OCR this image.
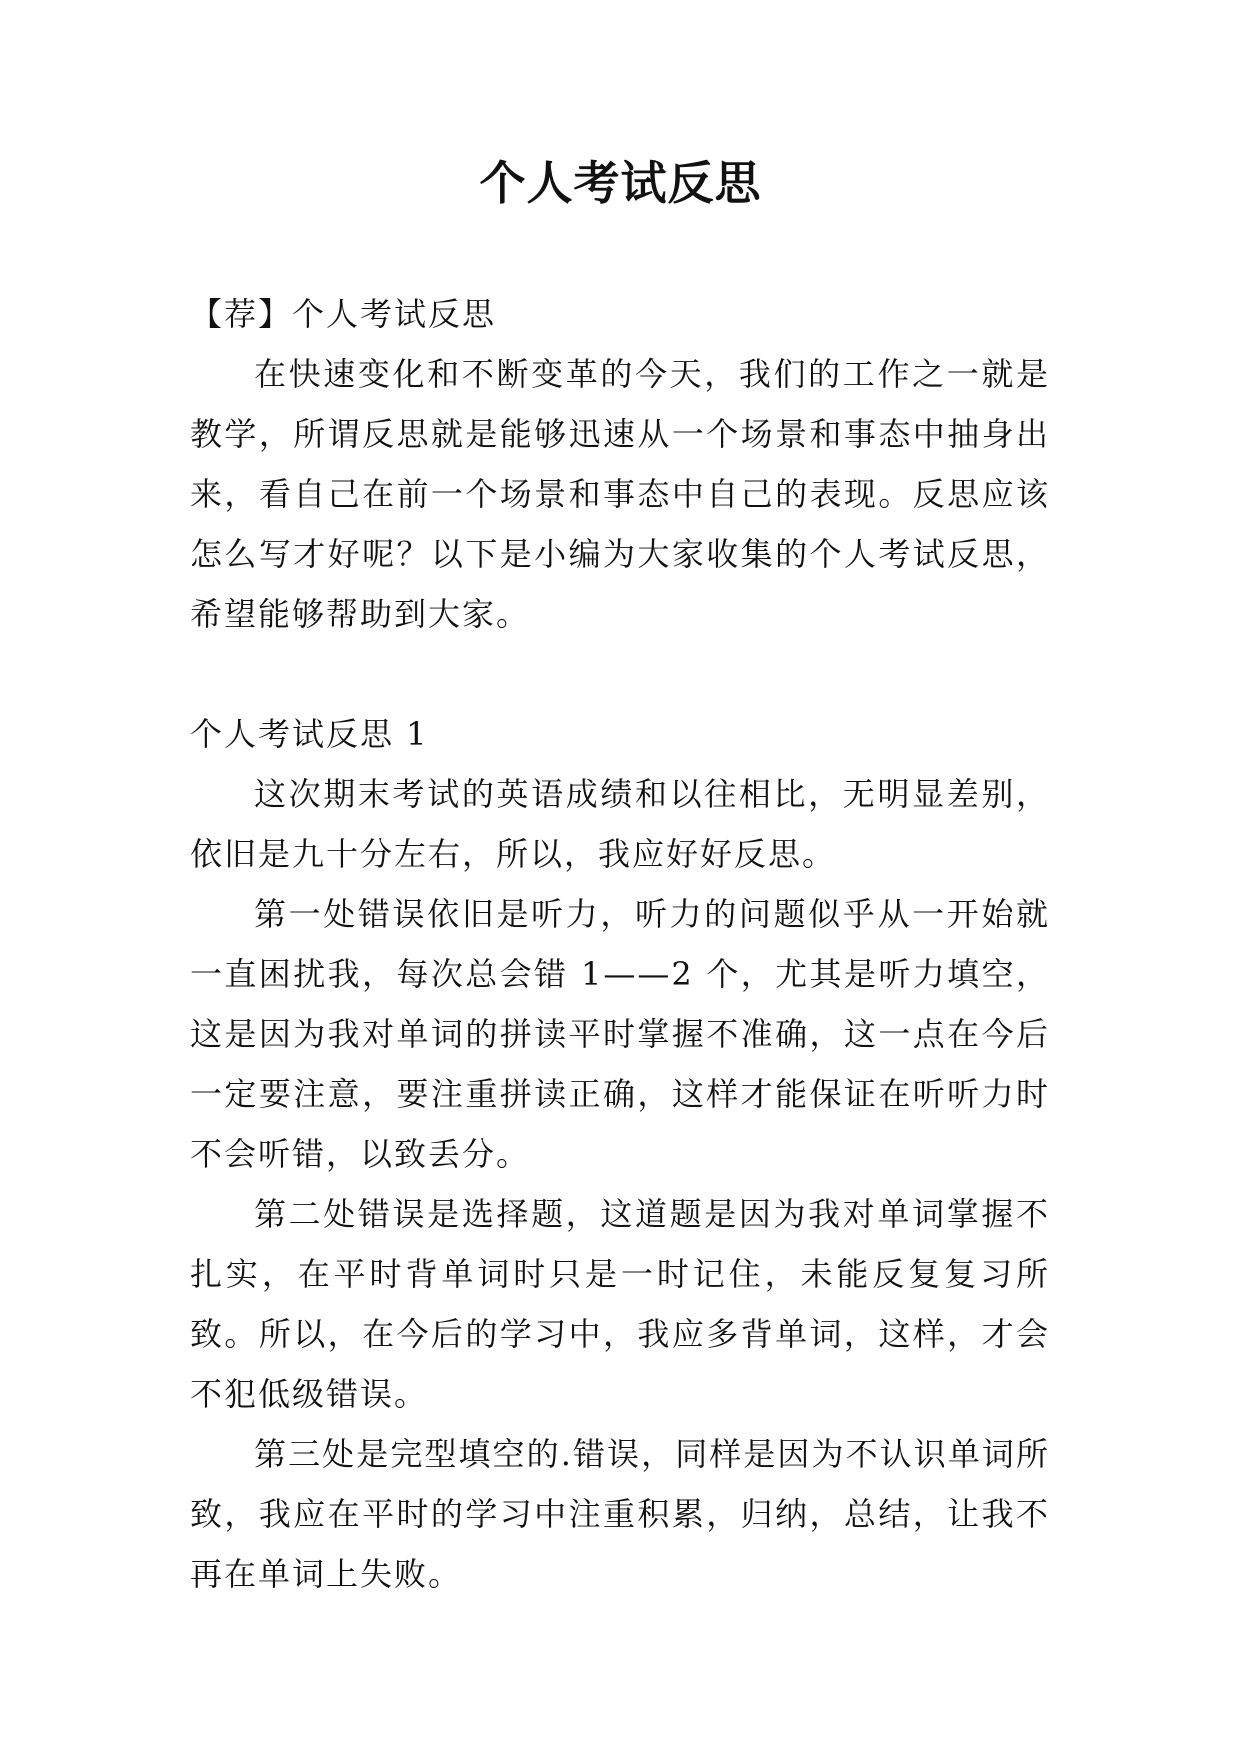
个人考试反思

【荐】个人考试反思

在快速变化和不断变革的今天，我们的工作之一就是教学，所谓反思就是能够迅速从一个场景和事态中抽身出来，看自己在前一个场景和事态中自己的表现。反思应该怎么写才好呢？以下是小编为大家收集的个人考试反思，希望能够帮助到大家。

个人考试反思 1

这次期末考试的英语成绩和以往相比，无明显差别，依旧是九十分左右，所以，我应好好反思。

第一处错误依旧是听力，听力的问题似乎从一开始就一直困扰我，每次总会错 1——2 个，尤其是听力填空，这是因为我对单词的拼读平时掌握不准确，这一点在今后一定要注意，要注重拼读正确，这样才能保证在听听力时不会听错，以致丢分。

第二处错误是选择题，这道题是因为我对单词掌握不扎实，在平时背单词时只是一时记住，未能反复复习所致。所以，在今后的学习中，我应多背单词，这样，才会不犯低级错误。

第三处是完型填空的.错误，同样是因为不认识单词所致，我应在平时的学习中注重积累，归纳，总结，让我不再在单词上失败。
